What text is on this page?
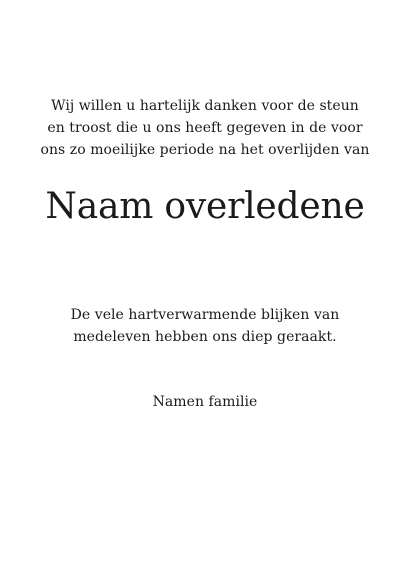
Wij willen u hartelijk danken voor de steun
en troost die u ons heeft gegeven in de voor
ons zo moeilijke periode na het overlijden van
Naam overledene
De vele hartverwarmende blijken van
medeleven hebben ons diep geraakt.
Namen familie
